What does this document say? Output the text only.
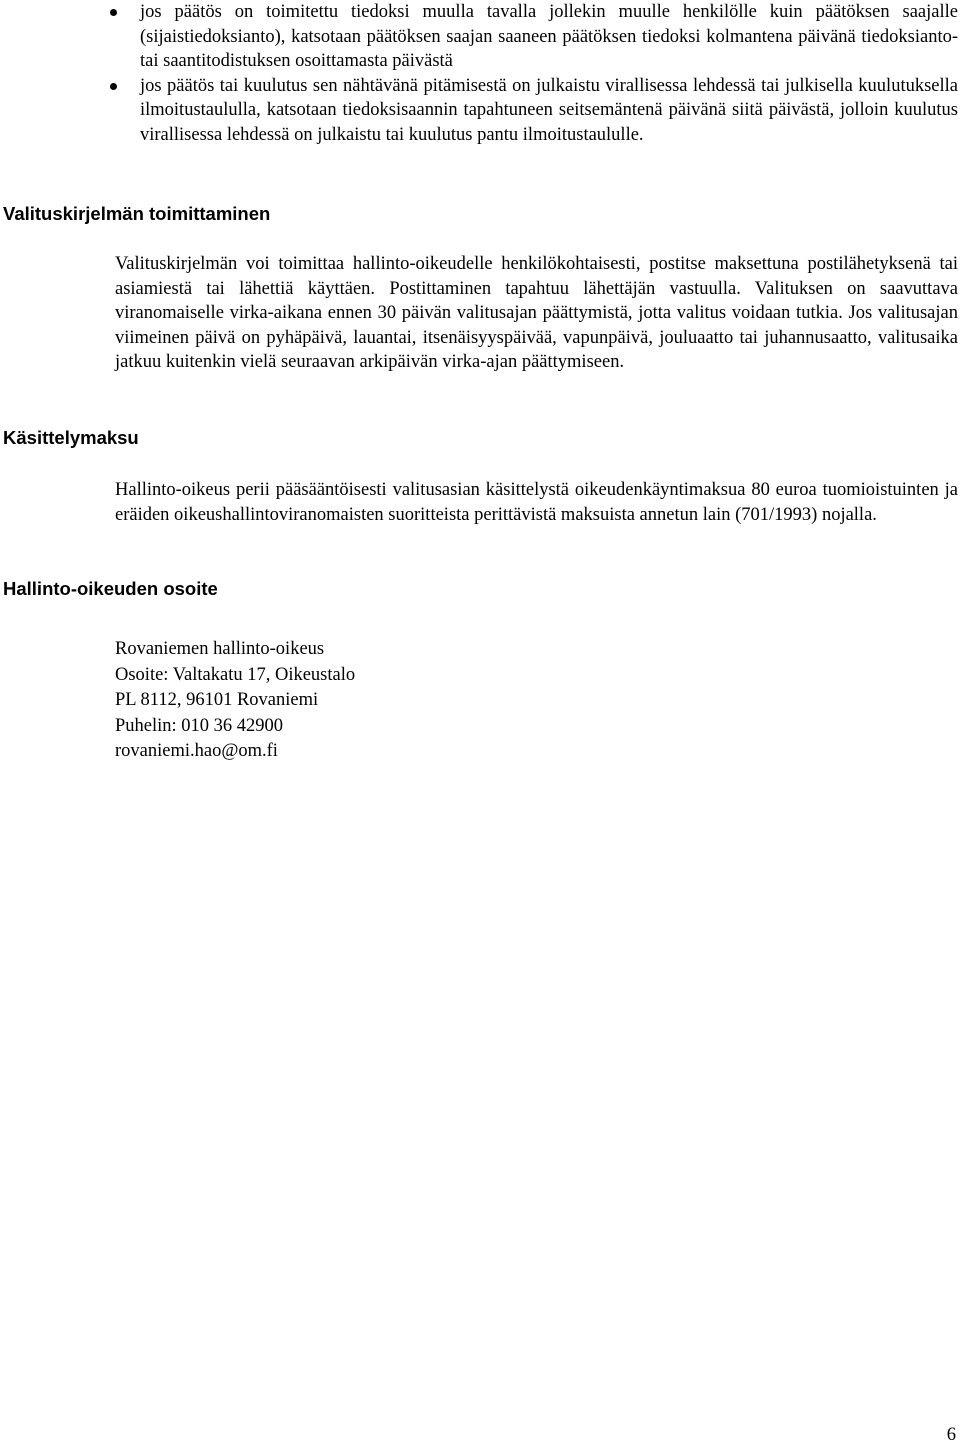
jos päätös on toimitettu tiedoksi muulla tavalla jollekin muulle henkilölle kuin päätöksen saajalle (sijaistiedoksianto), katsotaan päätöksen saajan saaneen päätöksen tiedoksi kolmantena päivänä tiedoksianto- tai saantitodistuksen osoittamasta päivästä
jos päätös tai kuulutus sen nähtävänä pitämisestä on julkaistu virallisessa lehdessä tai julkisella kuulutuksella ilmoitustaululla, katsotaan tiedoksisaannin tapahtuneen seitsemäntenä päivänä siitä päivästä, jolloin kuulutus virallisessa lehdessä on julkaistu tai kuulutus pantu ilmoitustaululle.
Valituskirjelmän toimittaminen

Valituskirjelmän voi toimittaa hallinto-oikeudelle henkilökohtaisesti, postitse maksettuna postilähetyksenä tai asiamiestä tai lähettiä käyttäen. Postittaminen tapahtuu lähettäjän vastuulla. Valituksen on saavuttava viranomaiselle virka-aikana ennen 30 päivän valitusajan päättymistä, jotta valitus voidaan tutkia. Jos valitusajan viimeinen päivä on pyhäpäivä, lauantai, itsenäisyyspäivää, vapunpäivä, jouluaatto tai juhannusaatto, valitusaika jatkuu kuitenkin vielä seuraavan arkipäivän virka-ajan päättymiseen.

Käsittelymaksu

Hallinto-oikeus perii pääsääntöisesti valitusasian käsittelystä oikeudenkäyntimaksua 80 euroa tuomioistuinten ja eräiden oikeushallintoviranomaisten suoritteista perittävistä maksuista annetun lain (701/1993) nojalla.

Hallinto-oikeuden osoite
Rovaniemen hallinto-oikeus
Osoite: Valtakatu 17, Oikeustalo
PL 8112, 96101 Rovaniemi
Puhelin: 010 36 42900
rovaniemi.hao@om.fi

6
